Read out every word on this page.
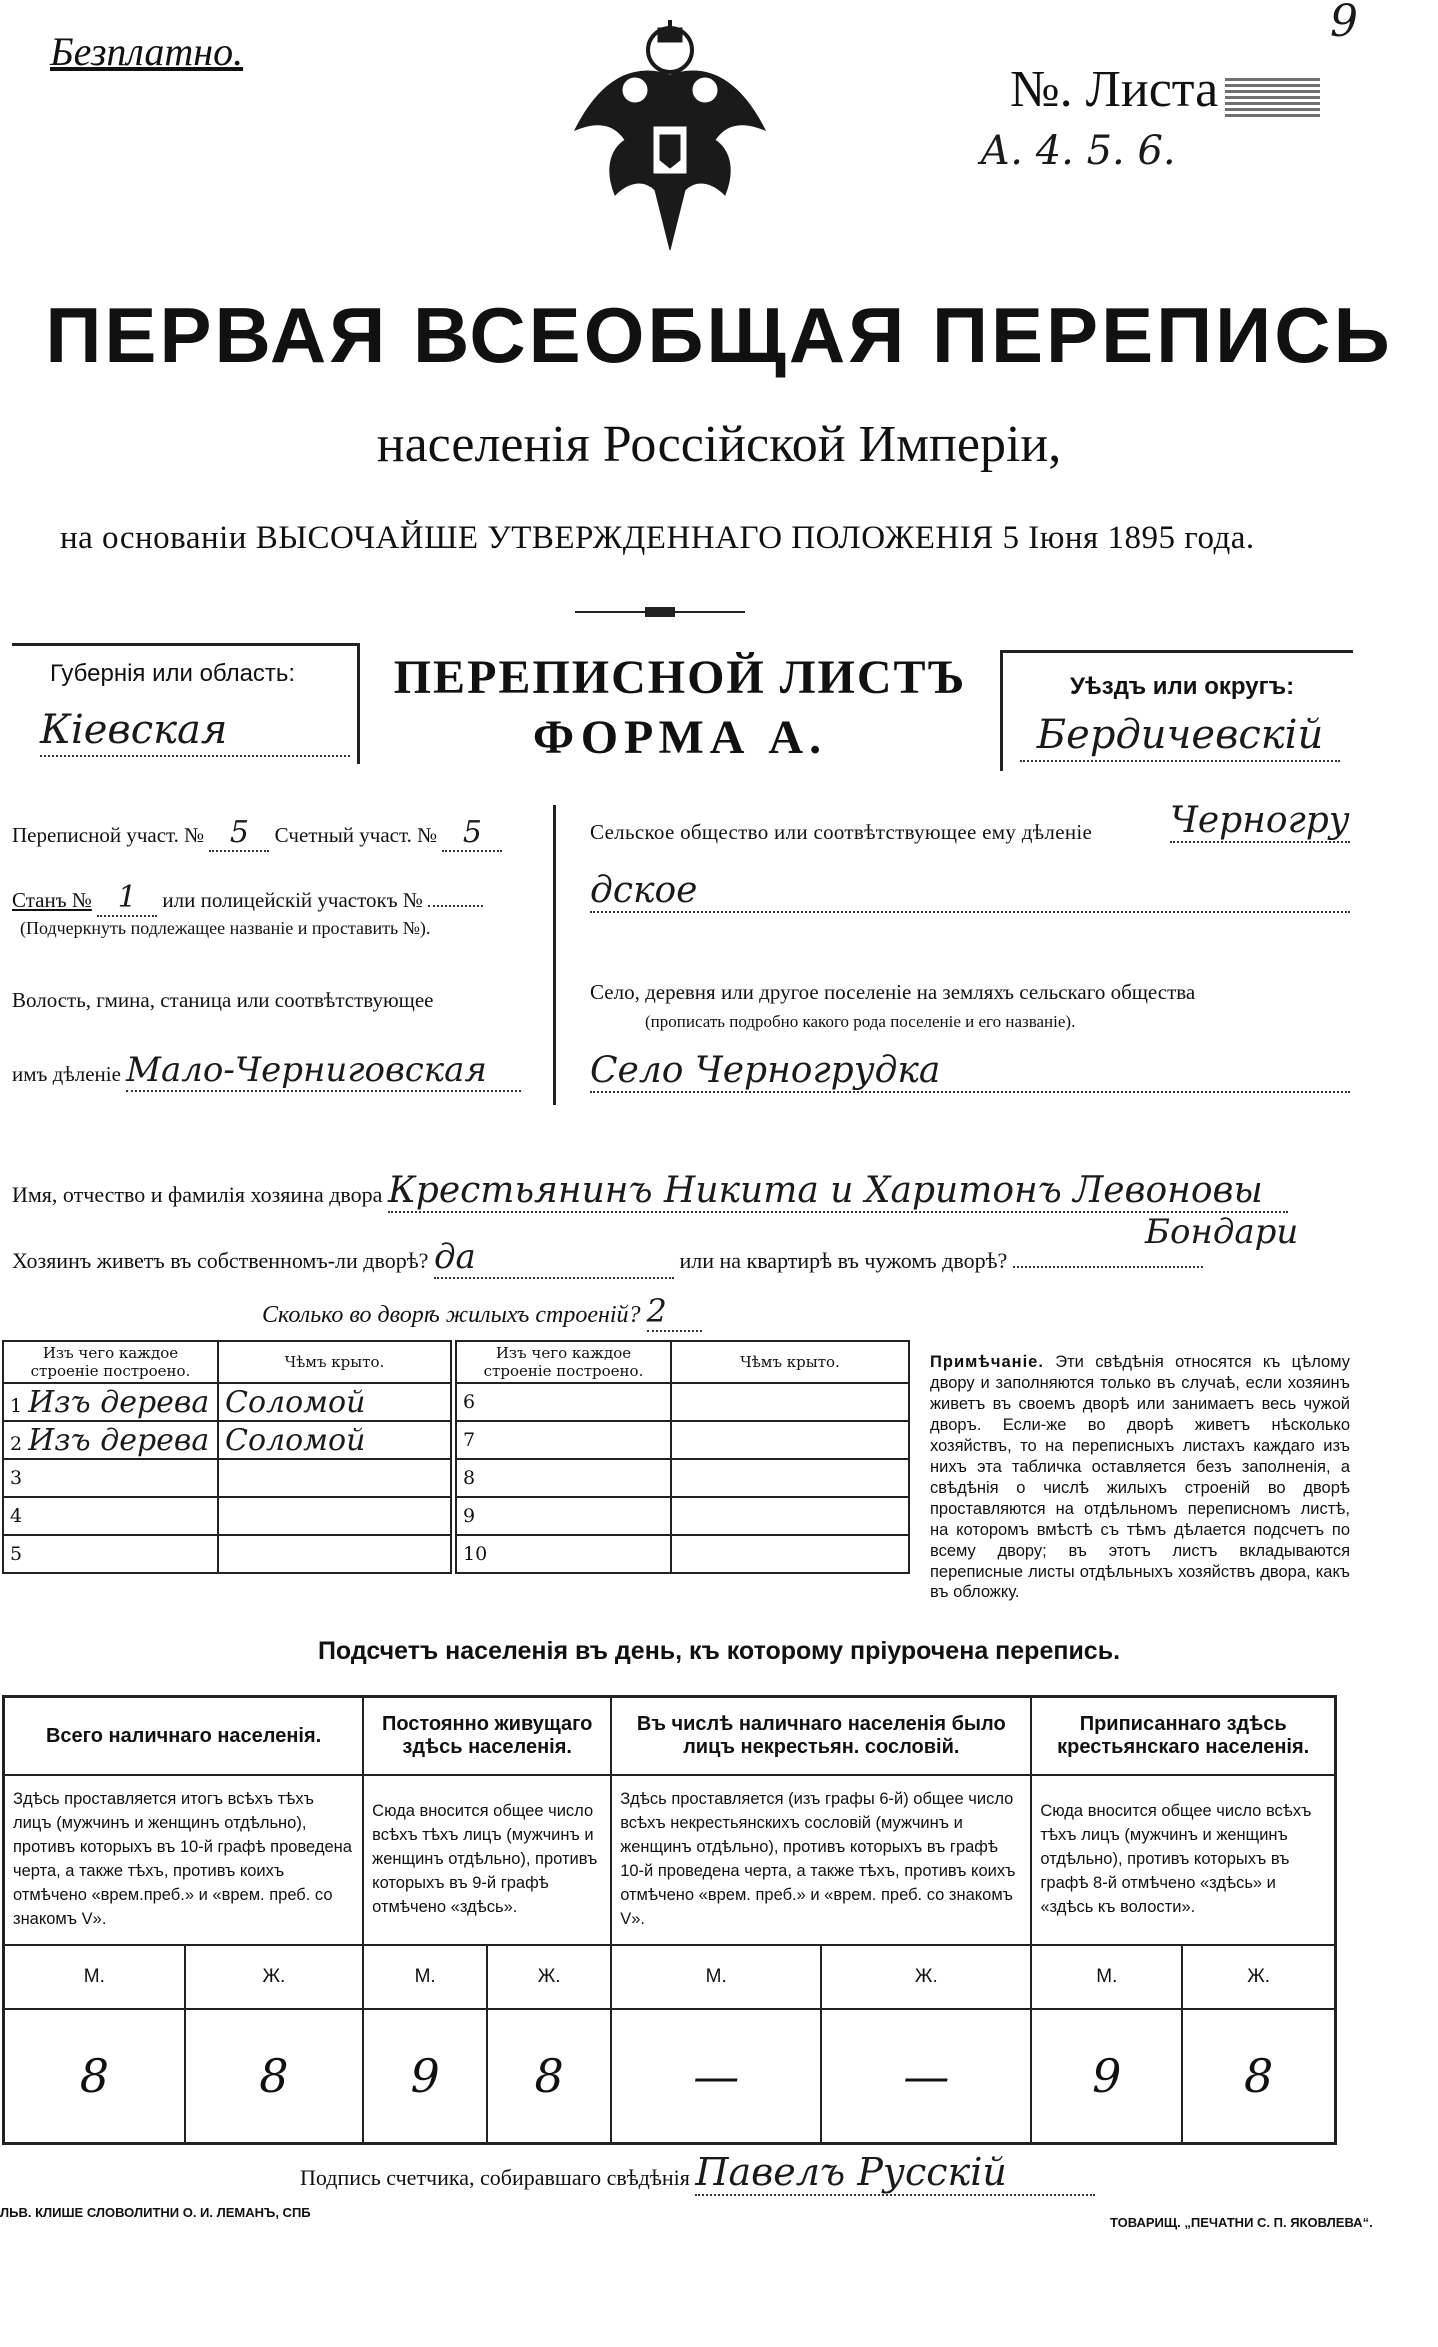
9
Безплатно.
№. Листа
А. 4. 5. 6.
ПЕРВАЯ ВСЕОБЩАЯ ПЕРЕПИСЬ
населенія Россійской Имперіи,
на основаніи ВЫСОЧАЙШЕ УТВЕРЖДЕННАГО ПОЛОЖЕНІЯ 5 Іюня 1895 года.
Губернія или область:
Кіевская
ПЕРЕПИСНОЙ ЛИСТЪ
ФОРМА А.
Уѣздъ или округъ:
Бердичевскій
Переписной участ. № 5 Счетный участ. № 5
Станъ № 1 или полицейскій участокъ №
(Подчеркнуть подлежащее названіе и проставить №).
Волость, гмина, станица или соотвѣтствующее
имъ дѣленіе Мало-Черниговская
Сельское общество или соотвѣтствующее ему дѣленіе Черногру
дское
Село, деревня или другое поселеніе на земляхъ сельскаго общества
(прописать подробно какого рода поселеніе и его названіе).
Село Черногрудка
Имя, отчество и фамилія хозяина двора Крестьянинъ Никита и Харитонъ Левоновы
Бондари
Хозяинъ живетъ въ собственномъ-ли дворѣ? да	или на квартирѣ въ чужомъ дворѣ?
Сколько во дворѣ жилыхъ строеній? 2
Изъ чего каждое строеніе построено.	Чѣмъ крыто.
1 Изъ дерева	Соломой
2 Изъ дерева	Соломой
3	
4	
5	
Изъ чего каждое строеніе построено.	Чѣмъ крыто.
6	
7	
8	
9	
10	
Примѣчаніе. Эти свѣдѣнія относятся къ цѣлому двору и заполняются только въ случаѣ, если хозяинъ живетъ въ своемъ дворѣ или занимаетъ весь чужой дворъ. Если-же во дворѣ живетъ нѣсколько хозяйствъ, то на переписныхъ листахъ каждаго изъ нихъ эта табличка оставляется безъ заполненія, а свѣдѣнія о числѣ жилыхъ строеній во дворѣ проставляются на отдѣльномъ переписномъ листѣ, на которомъ вмѣстѣ съ тѣмъ дѣлается подсчетъ по всему двору; въ этотъ листъ вкладываются переписные листы отдѣльныхъ хозяйствъ двора, какъ въ обложку.
Подсчетъ населенія въ день, къ которому пріурочена перепись.
Всего наличнаго населенія.		Постоянно живущаго здѣсь населенія.		Въ числѣ наличнаго населенія было лицъ некрестьян. сословій.		Приписаннаго здѣсь крестьянскаго населенія.	
Здѣсь проставляется итогъ всѣхъ тѣхъ лицъ (мужчинъ и женщинъ отдѣльно), противъ которыхъ въ 10-й графѣ проведена черта, а также тѣхъ, противъ коихъ отмѣчено «врем.преб.» и «врем. преб. со знакомъ V».		Сюда вносится общее число всѣхъ тѣхъ лицъ (мужчинъ и женщинъ отдѣльно), противъ которыхъ въ 9-й графѣ отмѣчено «здѣсь».		Здѣсь проставляется (изъ графы 6-й) общее число всѣхъ некрестьянскихъ сословій (мужчинъ и женщинъ отдѣльно), противъ которыхъ въ графѣ 10-й проведена черта, а также тѣхъ, противъ коихъ отмѣчено «врем. преб.» и «врем. преб. со знакомъ V».		Сюда вносится общее число всѣхъ тѣхъ лицъ (мужчинъ и женщинъ отдѣльно), противъ которыхъ въ графѣ 8-й отмѣчено «здѣсь» и «здѣсь къ волости».	
М.	Ж.	М.	Ж.	М.	Ж.	М.	Ж.
8	8	9	8	—	—	9	8
Подпись счетчика, собиравшаго свѣдѣнія Павелъ Русскій
ЛЬВ. КЛИШЕ СЛОВОЛИТНИ О. И. ЛЕМАНЪ, СПБ
ТОВАРИЩ. „ПЕЧАТНИ С. П. ЯКОВЛЕВА“.
